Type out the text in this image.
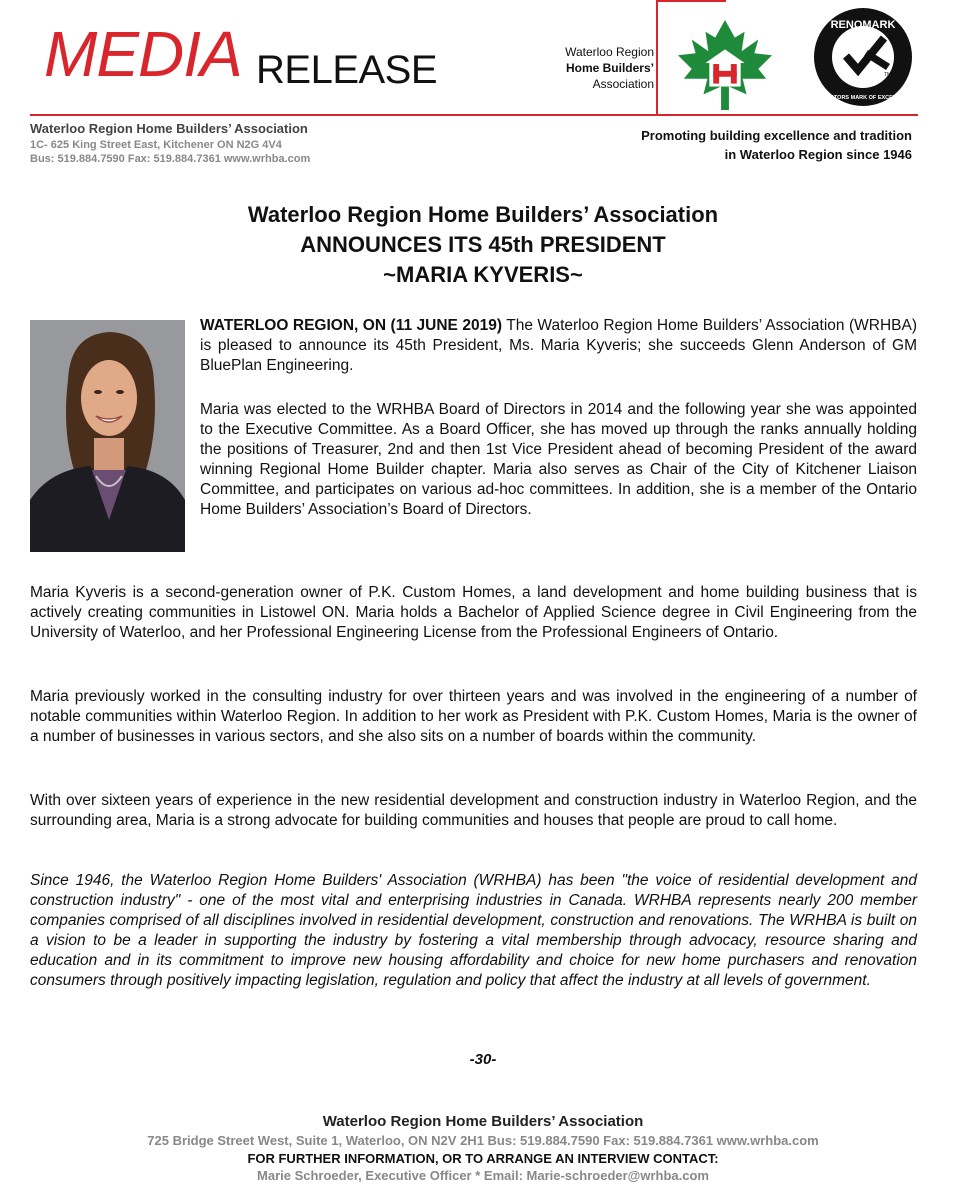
MEDIA RELEASE	Waterloo Region
Home Builders’
Association
RENOMARK
RENOVATORS MARK OF EXCELLENCE
TM
Waterloo Region Home Builders’ Association
1C- 625 King Street East, Kitchener ON N2G 4V4
Bus: 519.884.7590 Fax: 519.884.7361 www.wrhba.com
Promoting building excellence and tradition
in Waterloo Region since 1946
Waterloo Region Home Builders’ Association
ANNOUNCES ITS 45th PRESIDENT
~MARIA KYVERIS~
WATERLOO REGION, ON (11 JUNE 2019) The Waterloo Region Home Builders’ Association (WRHBA) is pleased to announce its 45th President, Ms. Maria Kyveris; she succeeds Glenn Anderson of GM BluePlan Engineering.
Maria was elected to the WRHBA Board of Directors in 2014 and the following year she was appointed to the Executive Committee. As a Board Officer, she has moved up through the ranks annually holding the positions of Treasurer, 2nd and then 1st Vice President ahead of becoming President of the award winning Regional Home Builder chapter. Maria also serves as Chair of the City of Kitchener Liaison Committee, and participates on various ad-hoc committees. In addition, she is a member of the Ontario Home Builders’ Association’s Board of Directors.
Maria Kyveris is a second-generation owner of P.K. Custom Homes, a land development and home building business that is actively creating communities in Listowel ON. Maria holds a Bachelor of Applied Science degree in Civil Engineering from the University of Waterloo, and her Professional Engineering License from the Professional Engineers of Ontario.
Maria previously worked in the consulting industry for over thirteen years and was involved in the engineering of a number of notable communities within Waterloo Region. In addition to her work as President with P.K. Custom Homes, Maria is the owner of a number of businesses in various sectors, and she also sits on a number of boards within the community.
With over sixteen years of experience in the new residential development and construction industry in Waterloo Region, and the surrounding area, Maria is a strong advocate for building communities and houses that people are proud to call home.
Since 1946, the Waterloo Region Home Builders' Association (WRHBA) has been "the voice of residential development and construction industry" - one of the most vital and enterprising industries in Canada. WRHBA represents nearly 200 member companies comprised of all disciplines involved in residential development, construction and renovations. The WRHBA is built on a vision to be a leader in supporting the industry by fostering a vital membership through advocacy, resource sharing and education and in its commitment to improve new housing affordability and choice for new home purchasers and renovation consumers through positively impacting legislation, regulation and policy that affect the industry at all levels of government.
-30-
Waterloo Region Home Builders’ Association
725 Bridge Street West, Suite 1, Waterloo, ON N2V 2H1 Bus: 519.884.7590 Fax: 519.884.7361 www.wrhba.com
FOR FURTHER INFORMATION, OR TO ARRANGE AN INTERVIEW CONTACT:
Marie Schroeder, Executive Officer * Email: Marie-schroeder@wrhba.com
